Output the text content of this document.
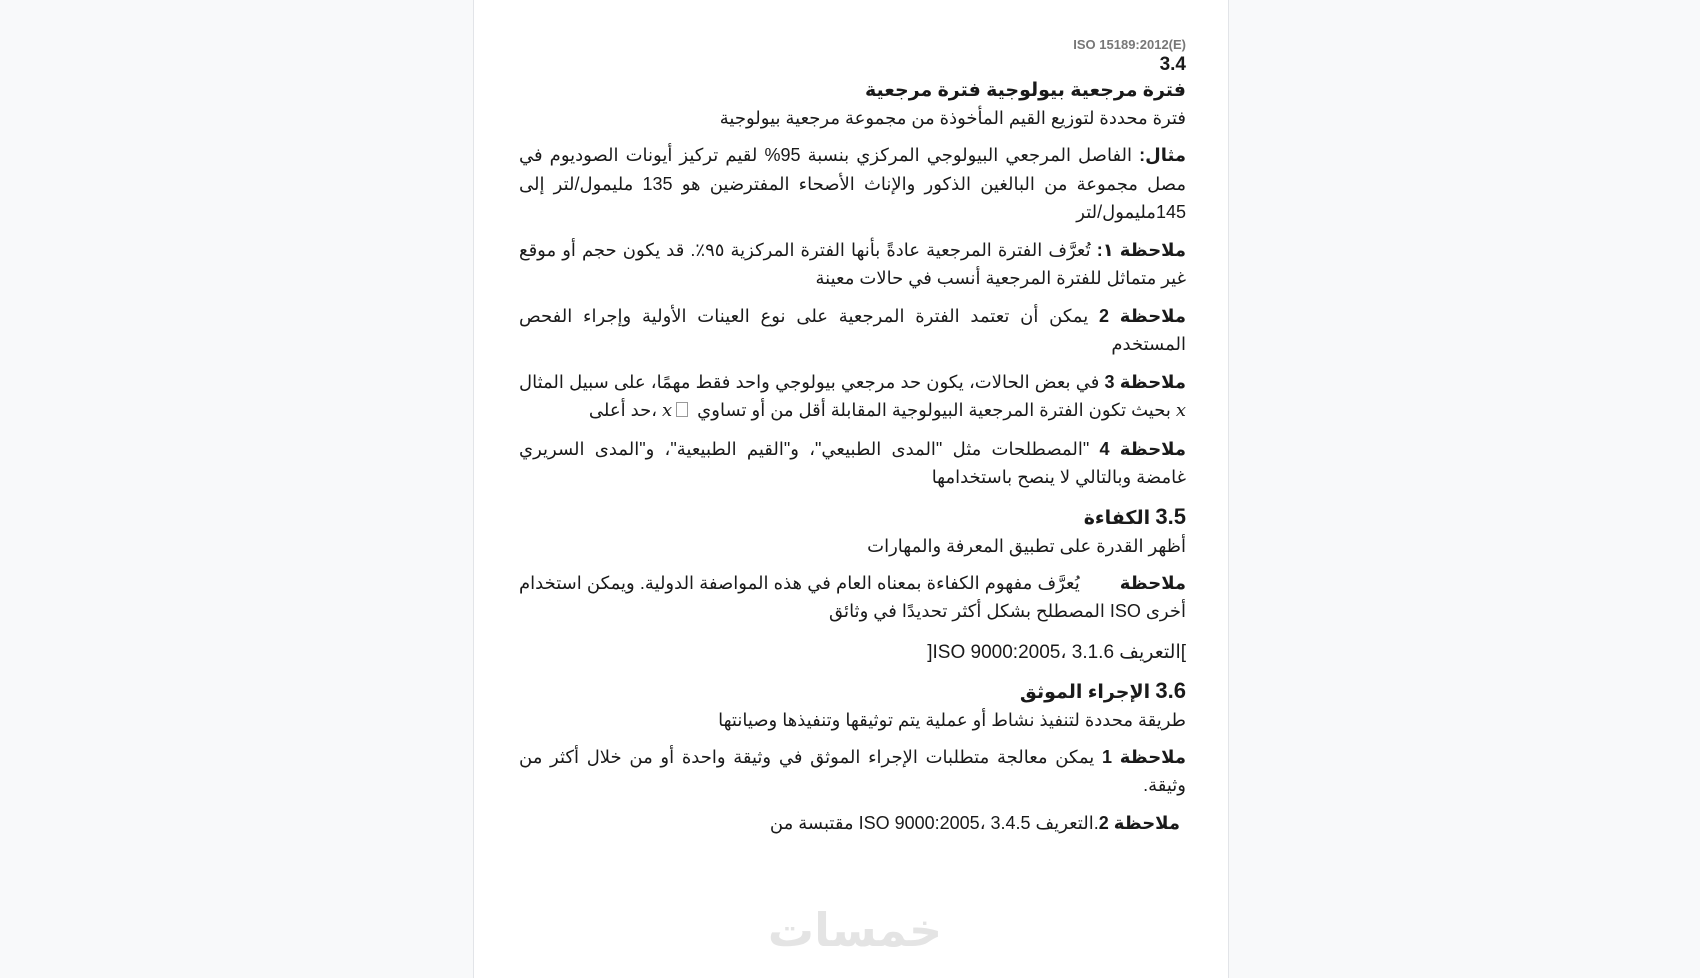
ISO 15189:2012(E)
3.4
فترة مرجعية بيولوجية فترة مرجعية
فترة محددة لتوزيع القيم المأخوذة من مجموعة مرجعية بيولوجية

مثال: الفاصل المرجعي البيولوجي المركزي بنسبة 95% لقيم تركيز أيونات الصوديوم في مصل مجموعة من البالغين الذكور والإناث الأصحاء المفترضين هو 135 مليمول/لتر إلى 145مليمول/لتر

ملاحظة ١: تُعرَّف الفترة المرجعية عادةً بأنها الفترة المركزية ٩٥٪. قد يكون حجم أو موقع غير متماثل للفترة المرجعية أنسب في حالات معينة

ملاحظة 2 يمكن أن تعتمد الفترة المرجعية على نوع العينات الأولية وإجراء الفحص المستخدم

ملاحظة 3 في بعض الحالات، يكون حد مرجعي بيولوجي واحد فقط مهمًا، على سبيل المثال x بحيث تكون الفترة المرجعية البيولوجية المقابلة أقل من أو تساوي x ،حد أعلى

ملاحظة 4 "المصطلحات مثل "المدى الطبيعي"، و"القيم الطبيعية"، و"المدى السريري غامضة وبالتالي لا ينصح باستخدامها

3.5 الكفاءة
أظهر القدرة على تطبيق المعرفة والمهارات

ملاحظةيُعرَّف مفهوم الكفاءة بمعناه العام في هذه المواصفة الدولية. ويمكن استخدام أخرى ISO المصطلح بشكل أكثر تحديدًا في وثائق

]التعريف 3.1.6 ،ISO 9000:2005[
3.6 الإجراء الموثق
طريقة محددة لتنفيذ نشاط أو عملية يتم توثيقها وتنفيذها وصيانتها

ملاحظة 1 يمكن معالجة متطلبات الإجراء الموثق في وثيقة واحدة أو من خلال أكثر من وثيقة.

ملاحظة 2.التعريف 3.4.5 ،ISO 9000:2005 مقتبسة من

خمسات
